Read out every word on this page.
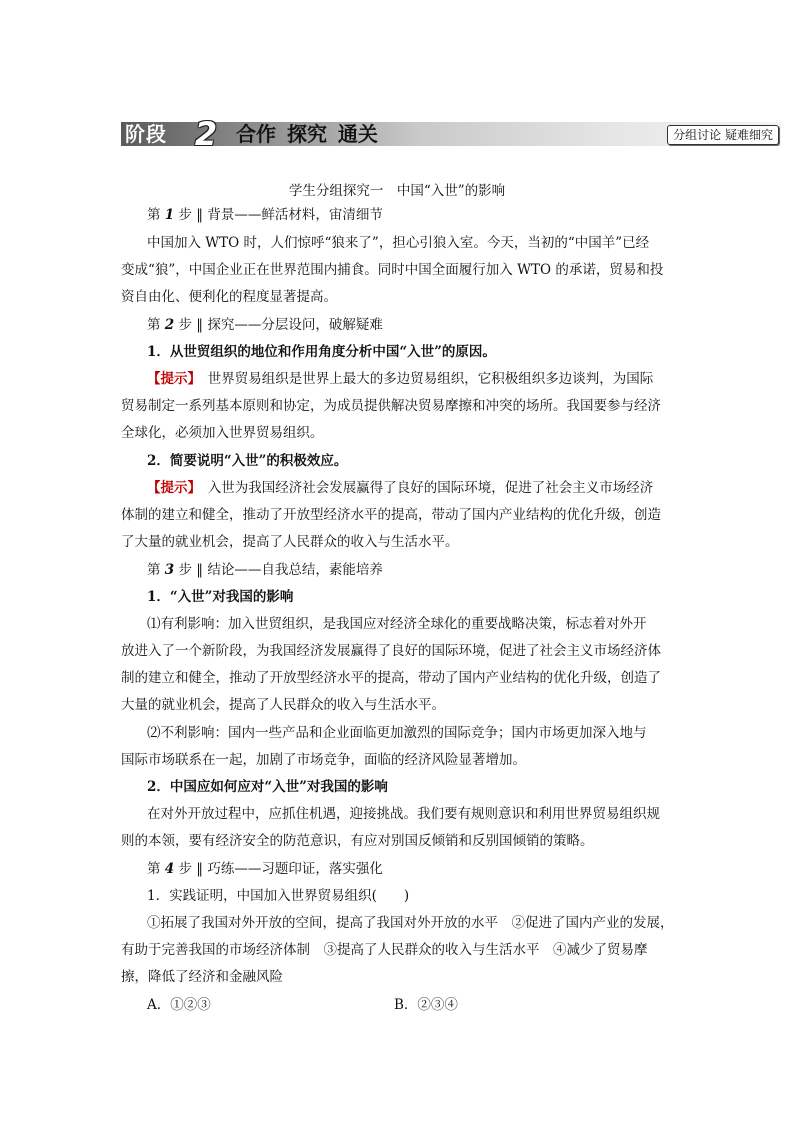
阶段 2 合作 探究 通关	分组讨论 疑难细究
学生分组探究一　中国“入世”的影响
第 1 步 ‖ 背景——鲜活材料，宙清细节
中国加入 WTO 时，人们惊呼“狼来了”，担心引狼入室。今天，当初的“中国羊”已经
变成“狼”，中国企业正在世界范围内捕食。同时中国全面履行加入 WTO 的承诺，贸易和投
资自由化、便利化的程度显著提高。
第 2 步 ‖ 探究——分层设问，破解疑难
1．从世贸组织的地位和作用角度分析中国“入世”的原因。
【提示】　世界贸易组织是世界上最大的多边贸易组织，它积极组织多边谈判，为国际
贸易制定一系列基本原则和协定，为成员提供解决贸易摩擦和冲突的场所。我国要参与经济
全球化，必须加入世界贸易组织。
2．简要说明“入世”的积极效应。
【提示】　入世为我国经济社会发展赢得了良好的国际环境，促进了社会主义市场经济
体制的建立和健全，推动了开放型经济水平的提高，带动了国内产业结构的优化升级，创造
了大量的就业机会，提高了人民群众的收入与生活水平。
第 3 步 ‖ 结论——自我总结，素能培养
1．“入世”对我国的影响
⑴有利影响：加入世贸组织，是我国应对经济全球化的重要战略决策，标志着对外开
放进入了一个新阶段，为我国经济发展赢得了良好的国际环境，促进了社会主义市场经济体
制的建立和健全，推动了开放型经济水平的提高，带动了国内产业结构的优化升级，创造了
大量的就业机会，提高了人民群众的收入与生活水平。
⑵不利影响：国内一些产品和企业面临更加激烈的国际竞争；国内市场更加深入地与
国际市场联系在一起，加剧了市场竞争，面临的经济风险显著增加。
2．中国应如何应对“入世”对我国的影响
在对外开放过程中，应抓住机遇，迎接挑战。我们要有规则意识和利用世界贸易组织规
则的本领，要有经济安全的防范意识，有应对别国反倾销和反别国倾销的策略。
第 4 步 ‖ 巧练——习题印证，落实强化
1．实践证明，中国加入世界贸易组织(　　)
①拓展了我国对外开放的空间，提高了我国对外开放的水平　②促进了国内产业的发展，
有助于完善我国的市场经济体制　③提高了人民群众的收入与生活水平　④减少了贸易摩
擦，降低了经济和金融风险
A．①②③	B．②③④
